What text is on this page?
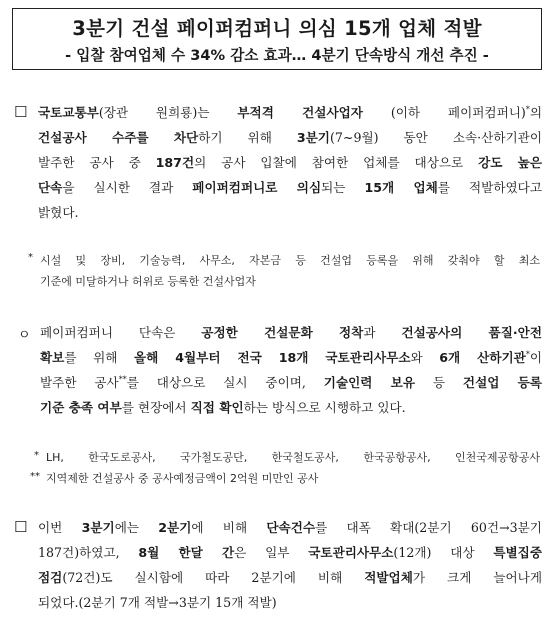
3분기 건설 페이퍼컴퍼니 의심 15개 업체 적발
- 입찰 참여업체 수 34% 감소 효과… 4분기 단속방식 개선 추진 -
☐ 국토교통부(장관 원희룡)는 부적격 건설사업자 (이하 페이퍼컴퍼니)*의
건설공사 수주를 차단하기 위해 3분기(7~9월) 동안 소속·산하기관이
발주한 공사 중 187건의 공사 입찰에 참여한 업체를 대상으로 강도 높은
단속을 실시한 결과 페이퍼컴퍼니로 의심되는 15개 업체를 적발하였다고
밝혔다.
* 시설 및 장비, 기술능력, 사무소, 자본금 등 건설업 등록을 위해 갖춰야 할 최소
기준에 미달하거나 허위로 등록한 건설사업자
ㅇ 페이퍼컴퍼니 단속은 공정한 건설문화 정착과 건설공사의 품질·안전
확보를 위해 올해 4월부터 전국 18개 국토관리사무소와 6개 산하기관*이
발주한 공사**를 대상으로 실시 중이며, 기술인력 보유 등 건설업 등록
기준 충족 여부를 현장에서 직접 확인하는 방식으로 시행하고 있다.
*
**
LH, 한국도로공사, 국가철도공단, 한국철도공사, 한국공항공사, 인천국제공항공사
지역제한 건설공사 중 공사예정금액이 2억원 미만인 공사
☐ 이번 3분기에는 2분기에 비해 단속건수를 대폭 확대(2분기 60건→3분기
187건)하였고, 8월 한달 간은 일부 국토관리사무소(12개) 대상 특별집중
점검(72건)도 실시함에 따라 2분기에 비해 적발업체가 크게 늘어나게
되었다.(2분기 7개 적발→3분기 15개 적발)
